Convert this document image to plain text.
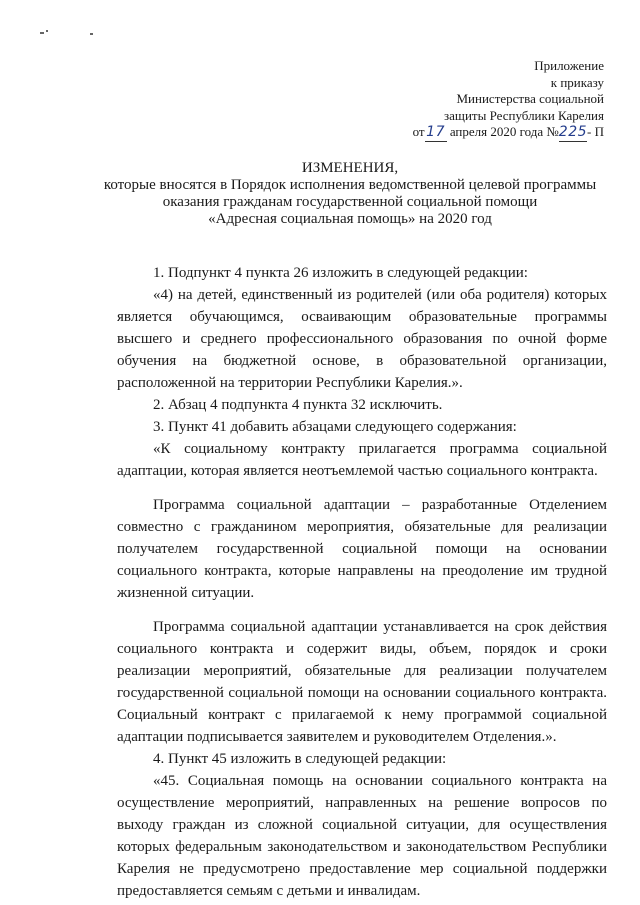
Приложение
к приказу
Министерства социальной
защиты Республики Карелия
от 17 апреля 2020 года №225- П
ИЗМЕНЕНИЯ,
которые вносятся в Порядок исполнения ведомственной целевой программы
оказания гражданам государственной социальной помощи
«Адресная социальная помощь» на 2020 год

1. Подпункт 4 пункта 26 изложить в следующей редакции:

«4) на детей, единственный из родителей (или оба родителя) которых является обучающимся, осваивающим образовательные программы высшего и среднего профессионального образования по очной форме обучения на бюджетной основе, в образовательной организации, расположенной на территории Республики Карелия.».

2. Абзац 4 подпункта 4 пункта 32 исключить.

3. Пункт 41 добавить абзацами следующего содержания:

«К социальному контракту прилагается программа социальной адаптации, которая является неотъемлемой частью социального контракта.

Программа социальной адаптации – разработанные Отделением совместно с гражданином мероприятия, обязательные для реализации получателем государственной социальной помощи на основании социального контракта, которые направлены на преодоление им трудной жизненной ситуации.

Программа социальной адаптации устанавливается на срок действия социального контракта и содержит виды, объем, порядок и сроки реализации мероприятий, обязательные для реализации получателем государственной социальной помощи на основании социального контракта. Социальный контракт с прилагаемой к нему программой социальной адаптации подписывается заявителем и руководителем Отделения.».

4. Пункт 45 изложить в следующей редакции:

«45. Социальная помощь на основании социального контракта на осуществление мероприятий, направленных на решение вопросов по выходу граждан из сложной социальной ситуации, для осуществления которых федеральным законодательством и законодательством Республики Карелия не предусмотрено предоставление мер социальной поддержки предоставляется семьям с детьми и инвалидам.
